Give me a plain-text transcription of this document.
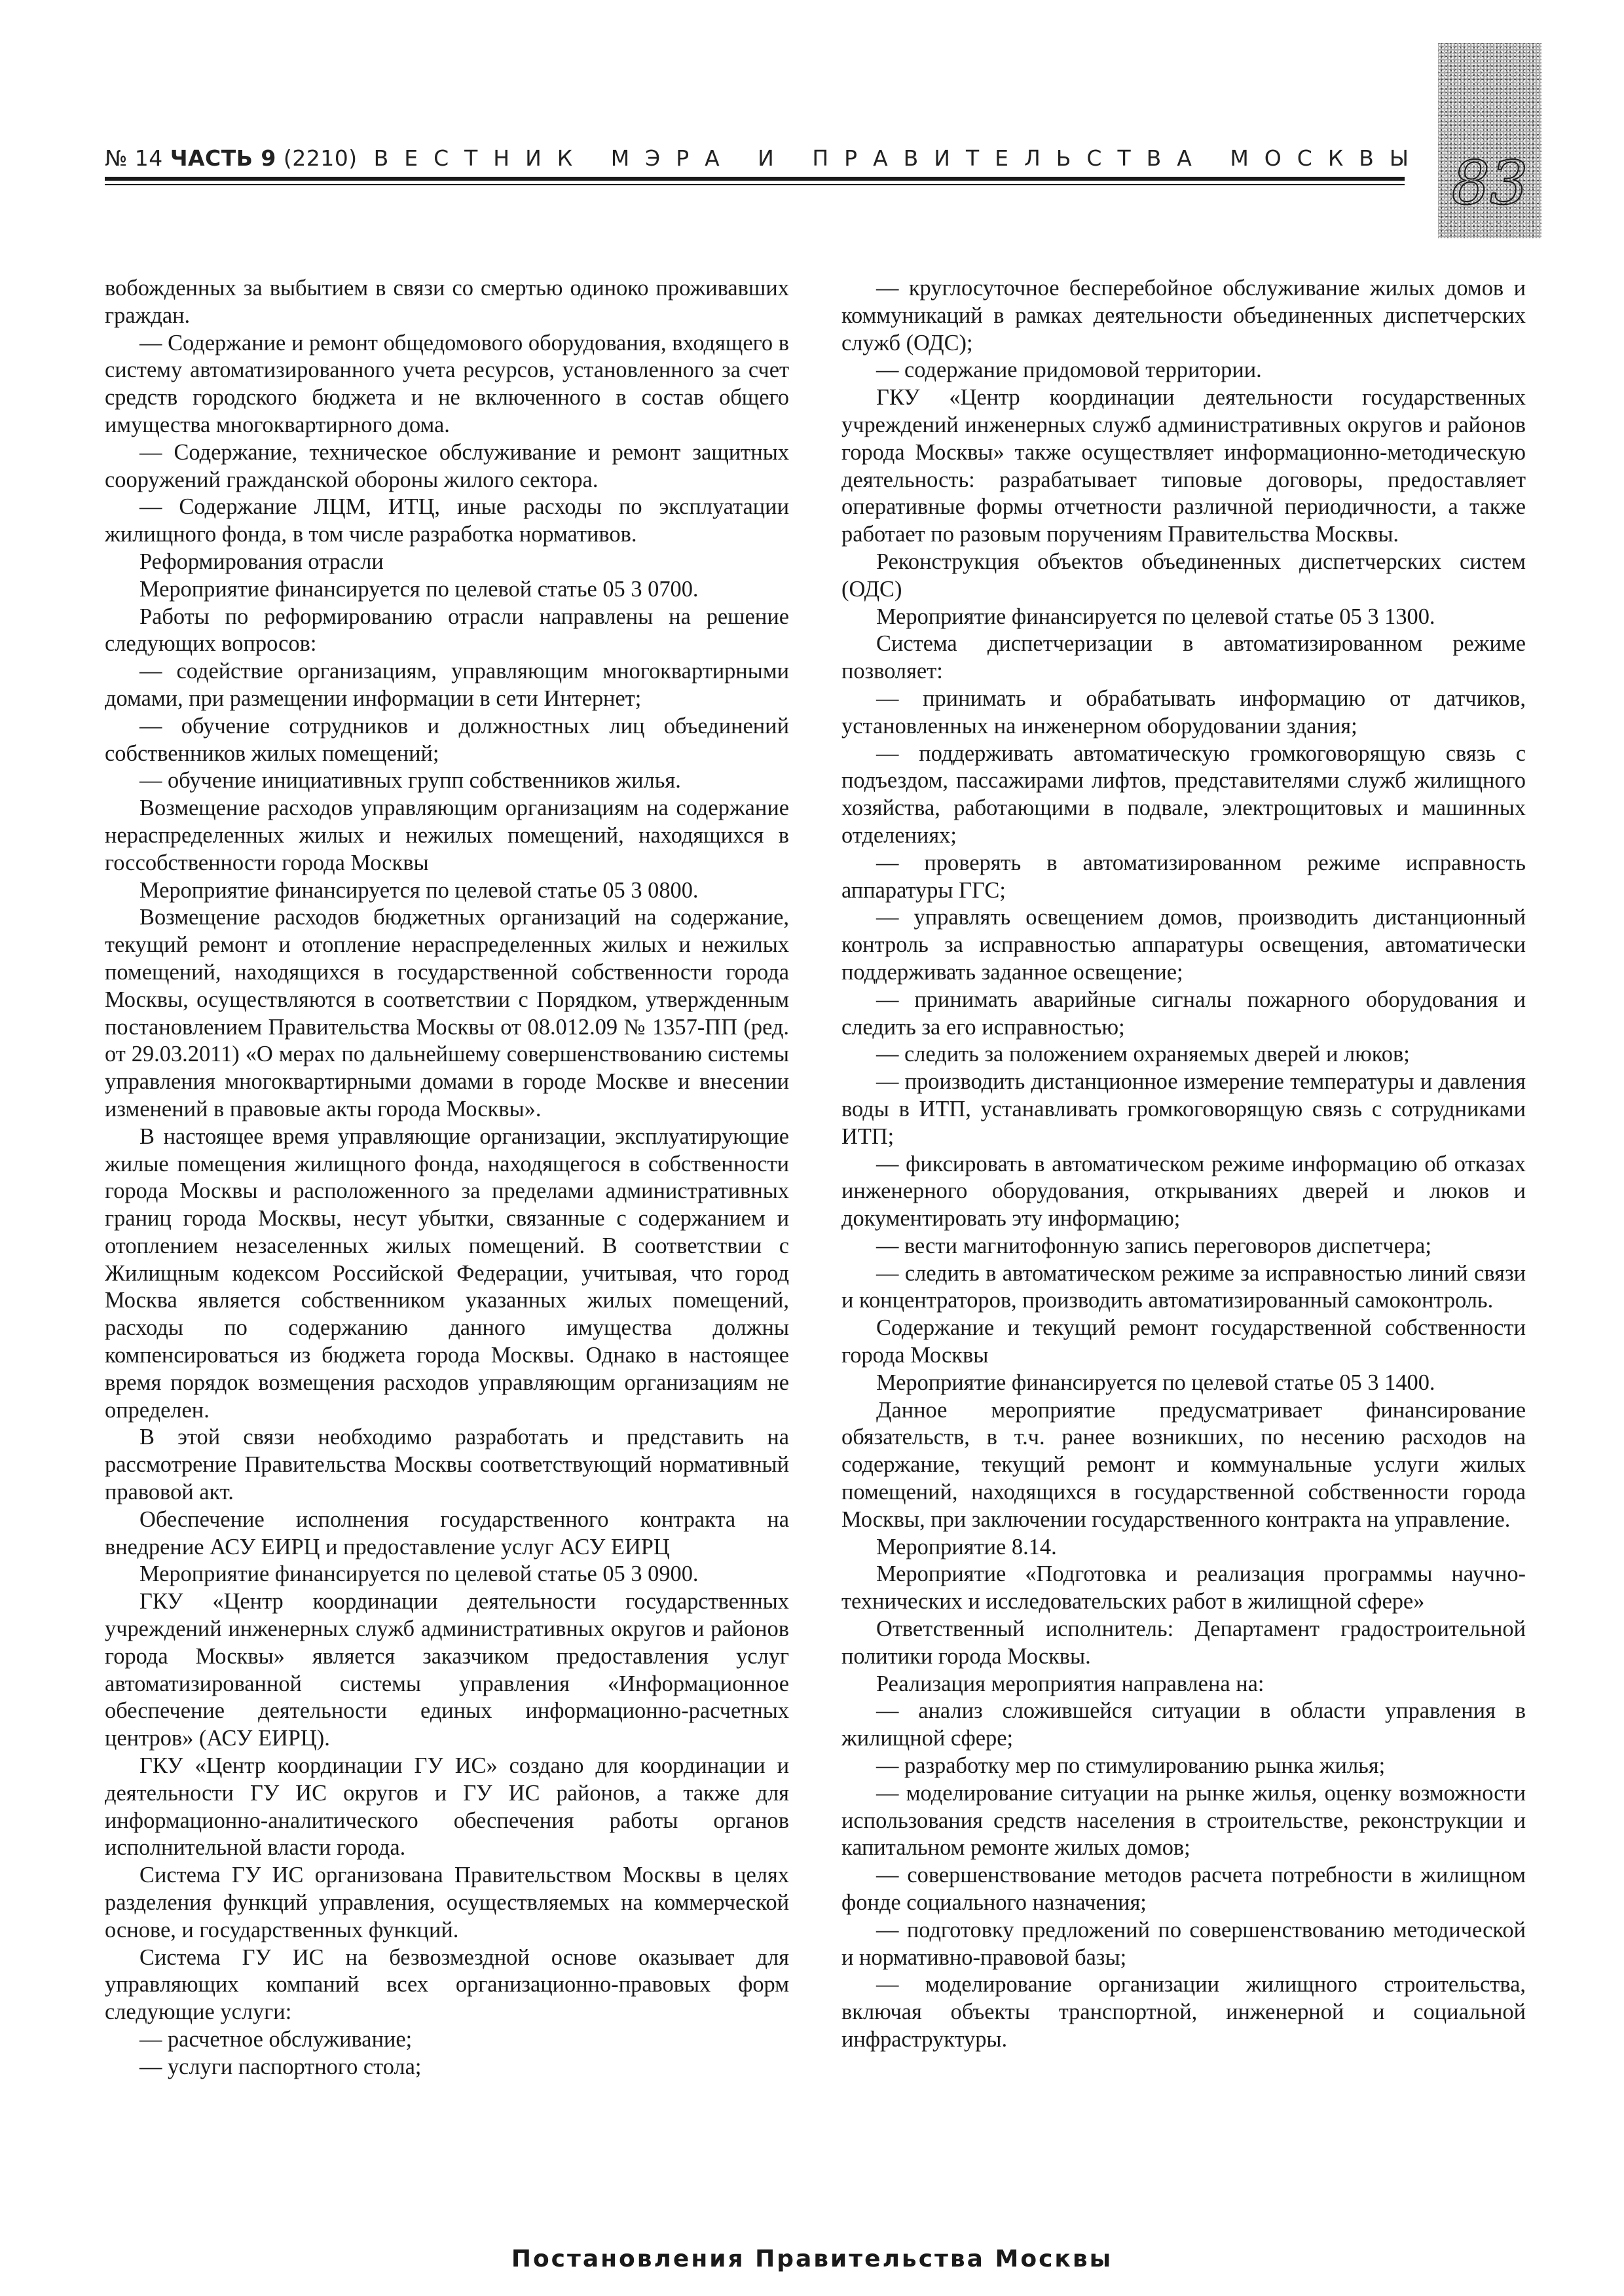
№ 14 ЧАСТЬ 9 (2210) ВЕСТНИК МЭРА И ПРАВИТЕЛЬСТВА МОСКВЫ 83

вобожденных за выбытием в связи со смертью одиноко проживавших граждан.

— Содержание и ремонт общедомового оборудования, входящего в систему автоматизированного учета ресурсов, установленного за счет средств городского бюджета и не включенного в состав общего имущества многоквартирного дома.

— Содержание, техническое обслуживание и ремонт защитных сооружений гражданской обороны жилого сектора.

— Содержание ЛЦМ, ИТЦ, иные расходы по эксплуатации жилищного фонда, в том числе разработка нормативов.

Реформирования отрасли

Мероприятие финансируется по целевой статье 05 3 0700.

Работы по реформированию отрасли направлены на решение следующих вопросов:

— содействие организациям, управляющим многоквартирными домами, при размещении информации в сети Интернет;

— обучение сотрудников и должностных лиц объединений собственников жилых помещений;

— обучение инициативных групп собственников жилья.

Возмещение расходов управляющим организациям на содержание нераспределенных жилых и нежилых помещений, находящихся в госсобственности города Москвы

Мероприятие финансируется по целевой статье 05 3 0800.

Возмещение расходов бюджетных организаций на содержание, текущий ремонт и отопление нераспределенных жилых и нежилых помещений, находящихся в государственной собственности города Москвы, осуществляются в соответствии с Порядком, утвержденным постановлением Правительства Москвы от 08.012.09 № 1357-ПП (ред. от 29.03.2011) «О мерах по дальнейшему совершенствованию системы управления многоквартирными домами в городе Москве и внесении изменений в правовые акты города Москвы».

В настоящее время управляющие организации, эксплуатирующие жилые помещения жилищного фонда, находящегося в собственности города Москвы и расположенного за пределами административных границ города Москвы, несут убытки, связанные с содержанием и отоплением незаселенных жилых помещений. В соответствии с Жилищным кодексом Российской Федерации, учитывая, что город Москва является собственником указанных жилых помещений, расходы по содержанию данного имущества должны компенсироваться из бюджета города Москвы. Однако в настоящее время порядок возмещения расходов управляющим организациям не определен.

В этой связи необходимо разработать и представить на рассмотрение Правительства Москвы соответствующий нормативный правовой акт.

Обеспечение исполнения государственного контракта на внедрение АСУ ЕИРЦ и предоставление услуг АСУ ЕИРЦ

Мероприятие финансируется по целевой статье 05 3 0900.

ГКУ «Центр координации деятельности государственных учреждений инженерных служб административных округов и районов города Москвы» является заказчиком предоставления услуг автоматизированной системы управления «Информационное обеспечение деятельности единых информационно-расчетных центров» (АСУ ЕИРЦ).

ГКУ «Центр координации ГУ ИС» создано для координации и деятельности ГУ ИС округов и ГУ ИС районов, а также для информационно-аналитического обеспечения работы органов исполнительной власти города.

Система ГУ ИС организована Правительством Москвы в целях разделения функций управления, осуществляемых на коммерческой основе, и государственных функций.

Система ГУ ИС на безвозмездной основе оказывает для управляющих компаний всех организационно-правовых форм следующие услуги:

— расчетное обслуживание;

— услуги паспортного стола;

— круглосуточное бесперебойное обслуживание жилых домов и коммуникаций в рамках деятельности объединенных диспетчерских служб (ОДС);

— содержание придомовой территории.

ГКУ «Центр координации деятельности государственных учреждений инженерных служб административных округов и районов города Москвы» также осуществляет информационно-методическую деятельность: разрабатывает типовые договоры, предоставляет оперативные формы отчетности различной периодичности, а также работает по разовым поручениям Правительства Москвы.

Реконструкция объектов объединенных диспетчерских систем (ОДС)

Мероприятие финансируется по целевой статье 05 3 1300.

Система диспетчеризации в автоматизированном режиме позволяет:

— принимать и обрабатывать информацию от датчиков, установленных на инженерном оборудовании здания;

— поддерживать автоматическую громкоговорящую связь с подъездом, пассажирами лифтов, представителями служб жилищного хозяйства, работающими в подвале, электрощитовых и машинных отделениях;

— проверять в автоматизированном режиме исправность аппаратуры ГГС;

— управлять освещением домов, производить дистанционный контроль за исправностью аппаратуры освещения, автоматически поддерживать заданное освещение;

— принимать аварийные сигналы пожарного оборудования и следить за его исправностью;

— следить за положением охраняемых дверей и люков;

— производить дистанционное измерение температуры и давления воды в ИТП, устанавливать громкоговорящую связь с сотрудниками ИТП;

— фиксировать в автоматическом режиме информацию об отказах инженерного оборудования, открываниях дверей и люков и документировать эту информацию;

— вести магнитофонную запись переговоров диспетчера;

— следить в автоматическом режиме за исправностью линий связи и концентраторов, производить автоматизированный самоконтроль.

Содержание и текущий ремонт государственной собственности города Москвы

Мероприятие финансируется по целевой статье 05 3 1400.

Данное мероприятие предусматривает финансирование обязательств, в т.ч. ранее возникших, по несению расходов на содержание, текущий ремонт и коммунальные услуги жилых помещений, находящихся в государственной собственности города Москвы, при заключении государственного контракта на управление.

Мероприятие 8.14.

Мероприятие «Подготовка и реализация программы научно-технических и исследовательских работ в жилищной сфере»

Ответственный исполнитель: Департамент градостроительной политики города Москвы.

Реализация мероприятия направлена на:

— анализ сложившейся ситуации в области управления в жилищной сфере;

— разработку мер по стимулированию рынка жилья;

— моделирование ситуации на рынке жилья, оценку возможности использования средств населения в строительстве, реконструкции и капитальном ремонте жилых домов;

— совершенствование методов расчета потребности в жилищном фонде социального назначения;

— подготовку предложений по совершенствованию методической и нормативно-правовой базы;

— моделирование организации жилищного строительства, включая объекты транспортной, инженерной и социальной инфраструктуры.

Постановления Правительства Москвы
